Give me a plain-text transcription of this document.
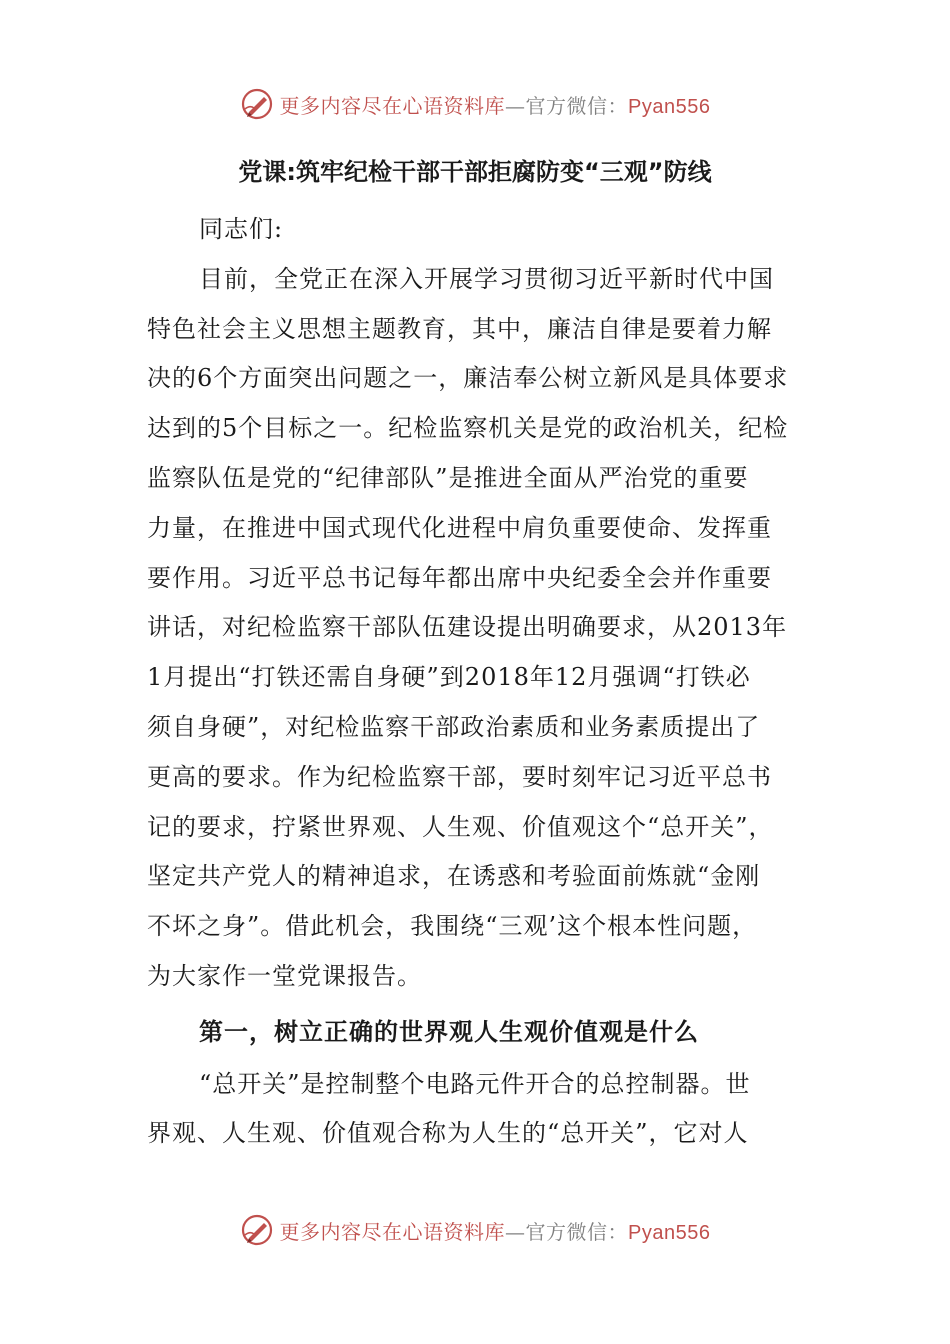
更多内容尽在心语资料库—官方微信：Pyan556
党课:筑牢纪检干部干部拒腐防变“三观”防线

同志们:

目前，全党正在深入开展学习贯彻习近平新时代中国

特色社会主义思想主题教育，其中，廉洁自律是要着力解

决的6个方面突出问题之一，廉洁奉公树立新风是具体要求

达到的5个目标之一。纪检监察机关是党的政治机关，纪检

监察队伍是党的“纪律部队”是推进全面从严治党的重要

力量，在推进中国式现代化进程中肩负重要使命、发挥重

要作用。习近平总书记每年都出席中央纪委全会并作重要

讲话，对纪检监察干部队伍建设提出明确要求，从2013年

1月提出“打铁还需自身硬”到2018年12月强调“打铁必

须自身硬”，对纪检监察干部政治素质和业务素质提出了

更高的要求。作为纪检监察干部，要时刻牢记习近平总书

记的要求，拧紧世界观、人生观、价值观这个“总开关”，

坚定共产党人的精神追求，在诱惑和考验面前炼就“金刚

不坏之身”。借此机会，我围绕“三观’这个根本性问题，

为大家作一堂党课报告。

第一，树立正确的世界观人生观价值观是什么

“总开关”是控制整个电路元件开合的总控制器。世

界观、人生观、价值观合称为人生的“总开关”，它对人

更多内容尽在心语资料库—官方微信：Pyan556
